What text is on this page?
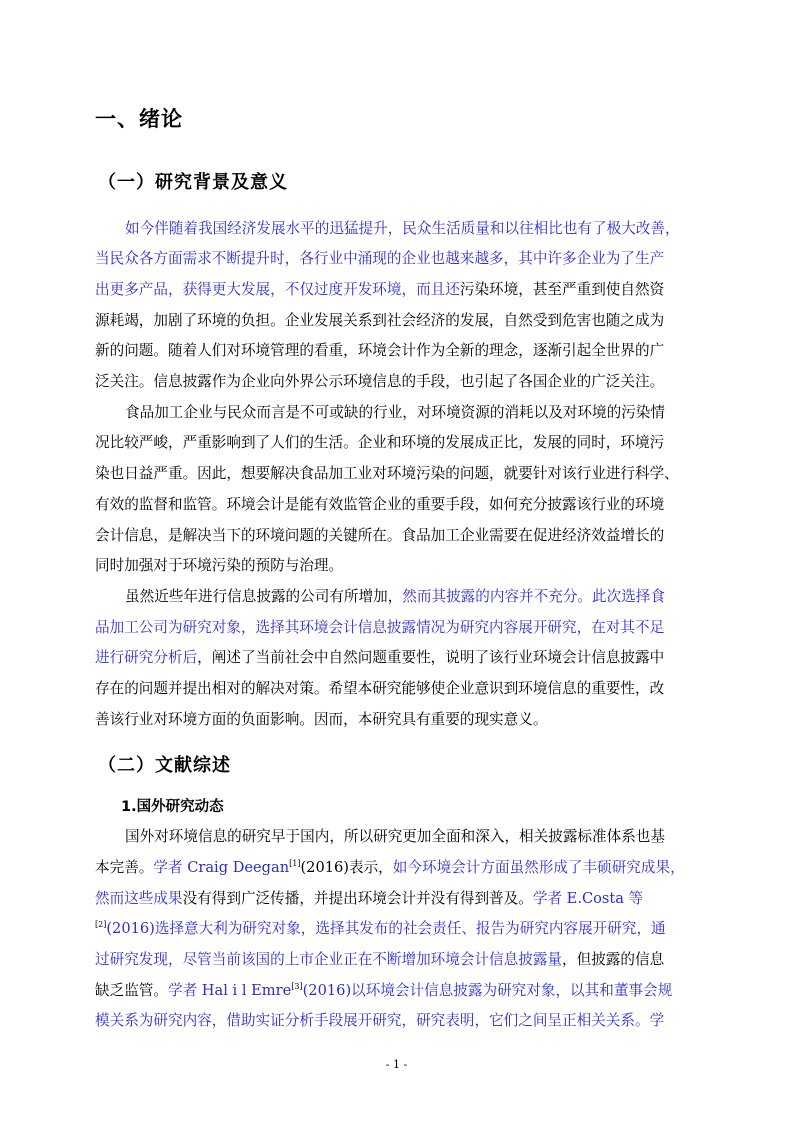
一、绪论
（一）研究背景及意义
如今伴随着我国经济发展水平的迅猛提升，民众生活质量和以往相比也有了极大改善，
当民众各方面需求不断提升时，各行业中涌现的企业也越来越多，其中许多企业为了生产
出更多产品，获得更大发展，不仅过度开发环境，而且还污染环境，甚至严重到使自然资
源耗竭，加剧了环境的负担。企业发展关系到社会经济的发展，自然受到危害也随之成为
新的问题。随着人们对环境管理的看重，环境会计作为全新的理念，逐渐引起全世界的广
泛关注。信息披露作为企业向外界公示环境信息的手段，也引起了各国企业的广泛关注。
食品加工企业与民众而言是不可或缺的行业，对环境资源的消耗以及对环境的污染情
况比较严峻，严重影响到了人们的生活。企业和环境的发展成正比，发展的同时，环境污
染也日益严重。因此，想要解决食品加工业对环境污染的问题，就要针对该行业进行科学、
有效的监督和监管。环境会计是能有效监管企业的重要手段，如何充分披露该行业的环境
会计信息，是解决当下的环境问题的关键所在。食品加工企业需要在促进经济效益增长的
同时加强对于环境污染的预防与治理。
虽然近些年进行信息披露的公司有所增加，然而其披露的内容并不充分。此次选择食
品加工公司为研究对象，选择其环境会计信息披露情况为研究内容展开研究，在对其不足
进行研究分析后，阐述了当前社会中自然问题重要性，说明了该行业环境会计信息披露中
存在的问题并提出相对的解决对策。希望本研究能够使企业意识到环境信息的重要性，改
善该行业对环境方面的负面影响。因而，本研究具有重要的现实意义。
（二）文献综述
1.国外研究动态
国外对环境信息的研究早于国内，所以研究更加全面和深入，相关披露标准体系也基
本完善。学者 Craig Deegan[1](2016)表示，如今环境会计方面虽然形成了丰硕研究成果，
然而这些成果没有得到广泛传播，并提出环境会计并没有得到普及。学者 E.Costa 等
[2](2016)选择意大利为研究对象，选择其发布的社会责任、报告为研究内容展开研究，通
过研究发现，尽管当前该国的上市企业正在不断增加环境会计信息披露量，但披露的信息
缺乏监管。学者 Hal i l Emre[3](2016)以环境会计信息披露为研究对象，以其和董事会规
模关系为研究内容，借助实证分析手段展开研究，研究表明，它们之间呈正相关关系。学
- 1 -
